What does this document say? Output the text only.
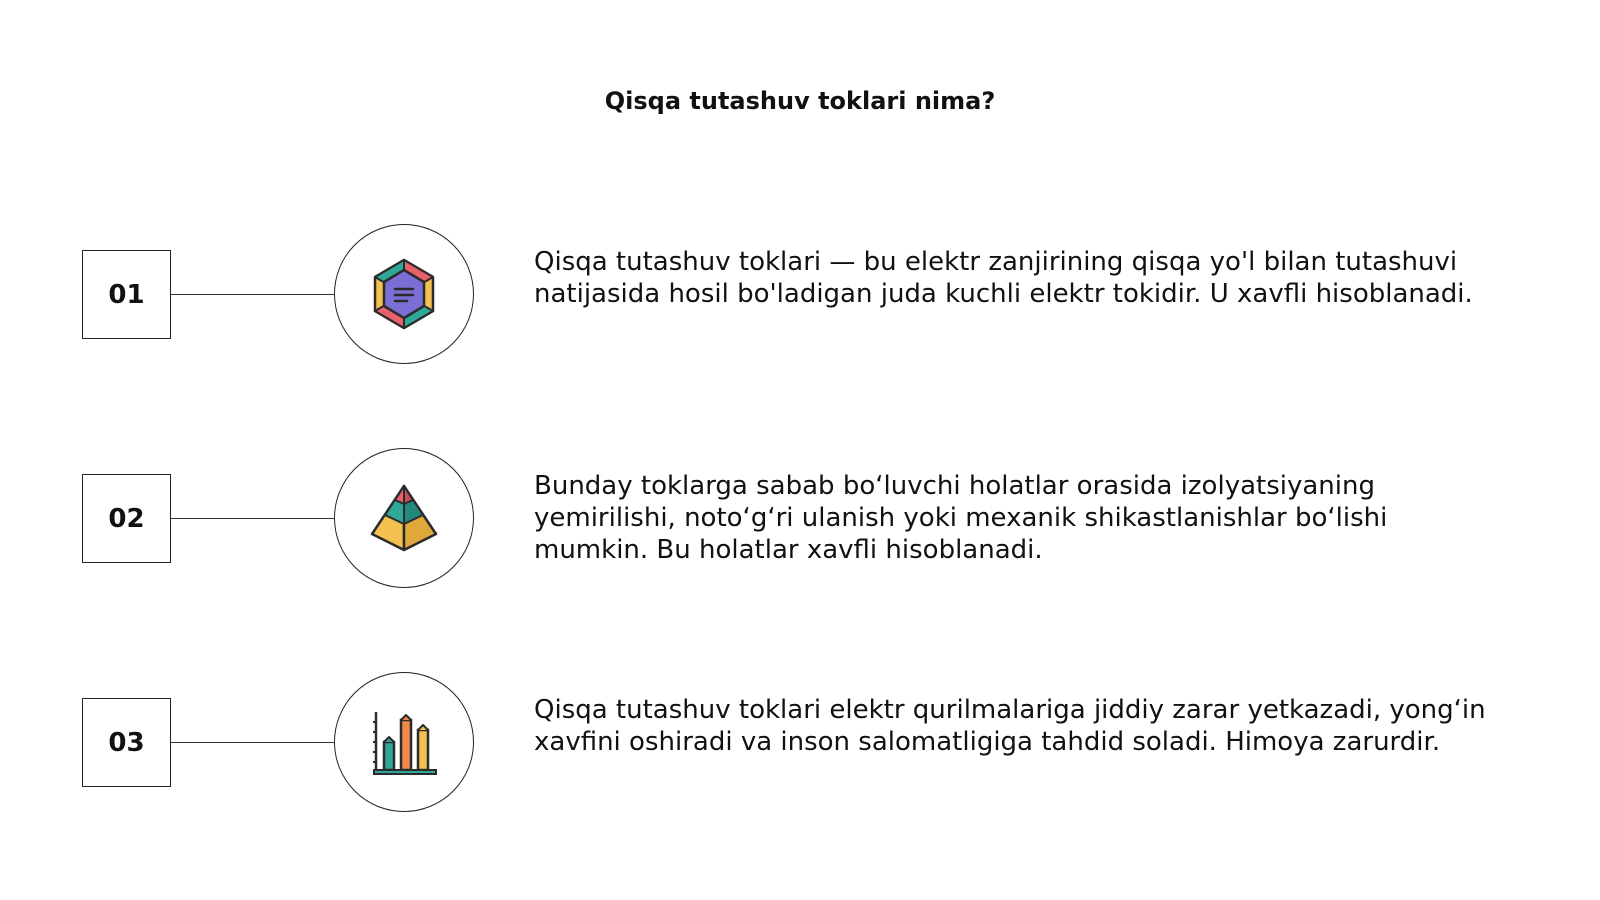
Qisqa tutashuv toklari nima?
01
Qisqa tutashuv toklari — bu elektr zanjirining qisqa yo'l bilan tutashuvi natijasida hosil bo'ladigan juda kuchli elektr tokidir. U xavfli hisoblanadi.
02
Bunday toklarga sabab bo‘luvchi holatlar orasida izolyatsiyaning yemirilishi, noto‘g‘ri ulanish yoki mexanik shikastlanishlar bo‘lishi mumkin. Bu holatlar xavfli hisoblanadi.
03
Qisqa tutashuv toklari elektr qurilmalariga jiddiy zarar yetkazadi, yong‘in xavfini oshiradi va inson salomatligiga tahdid soladi. Himoya zarurdir.
